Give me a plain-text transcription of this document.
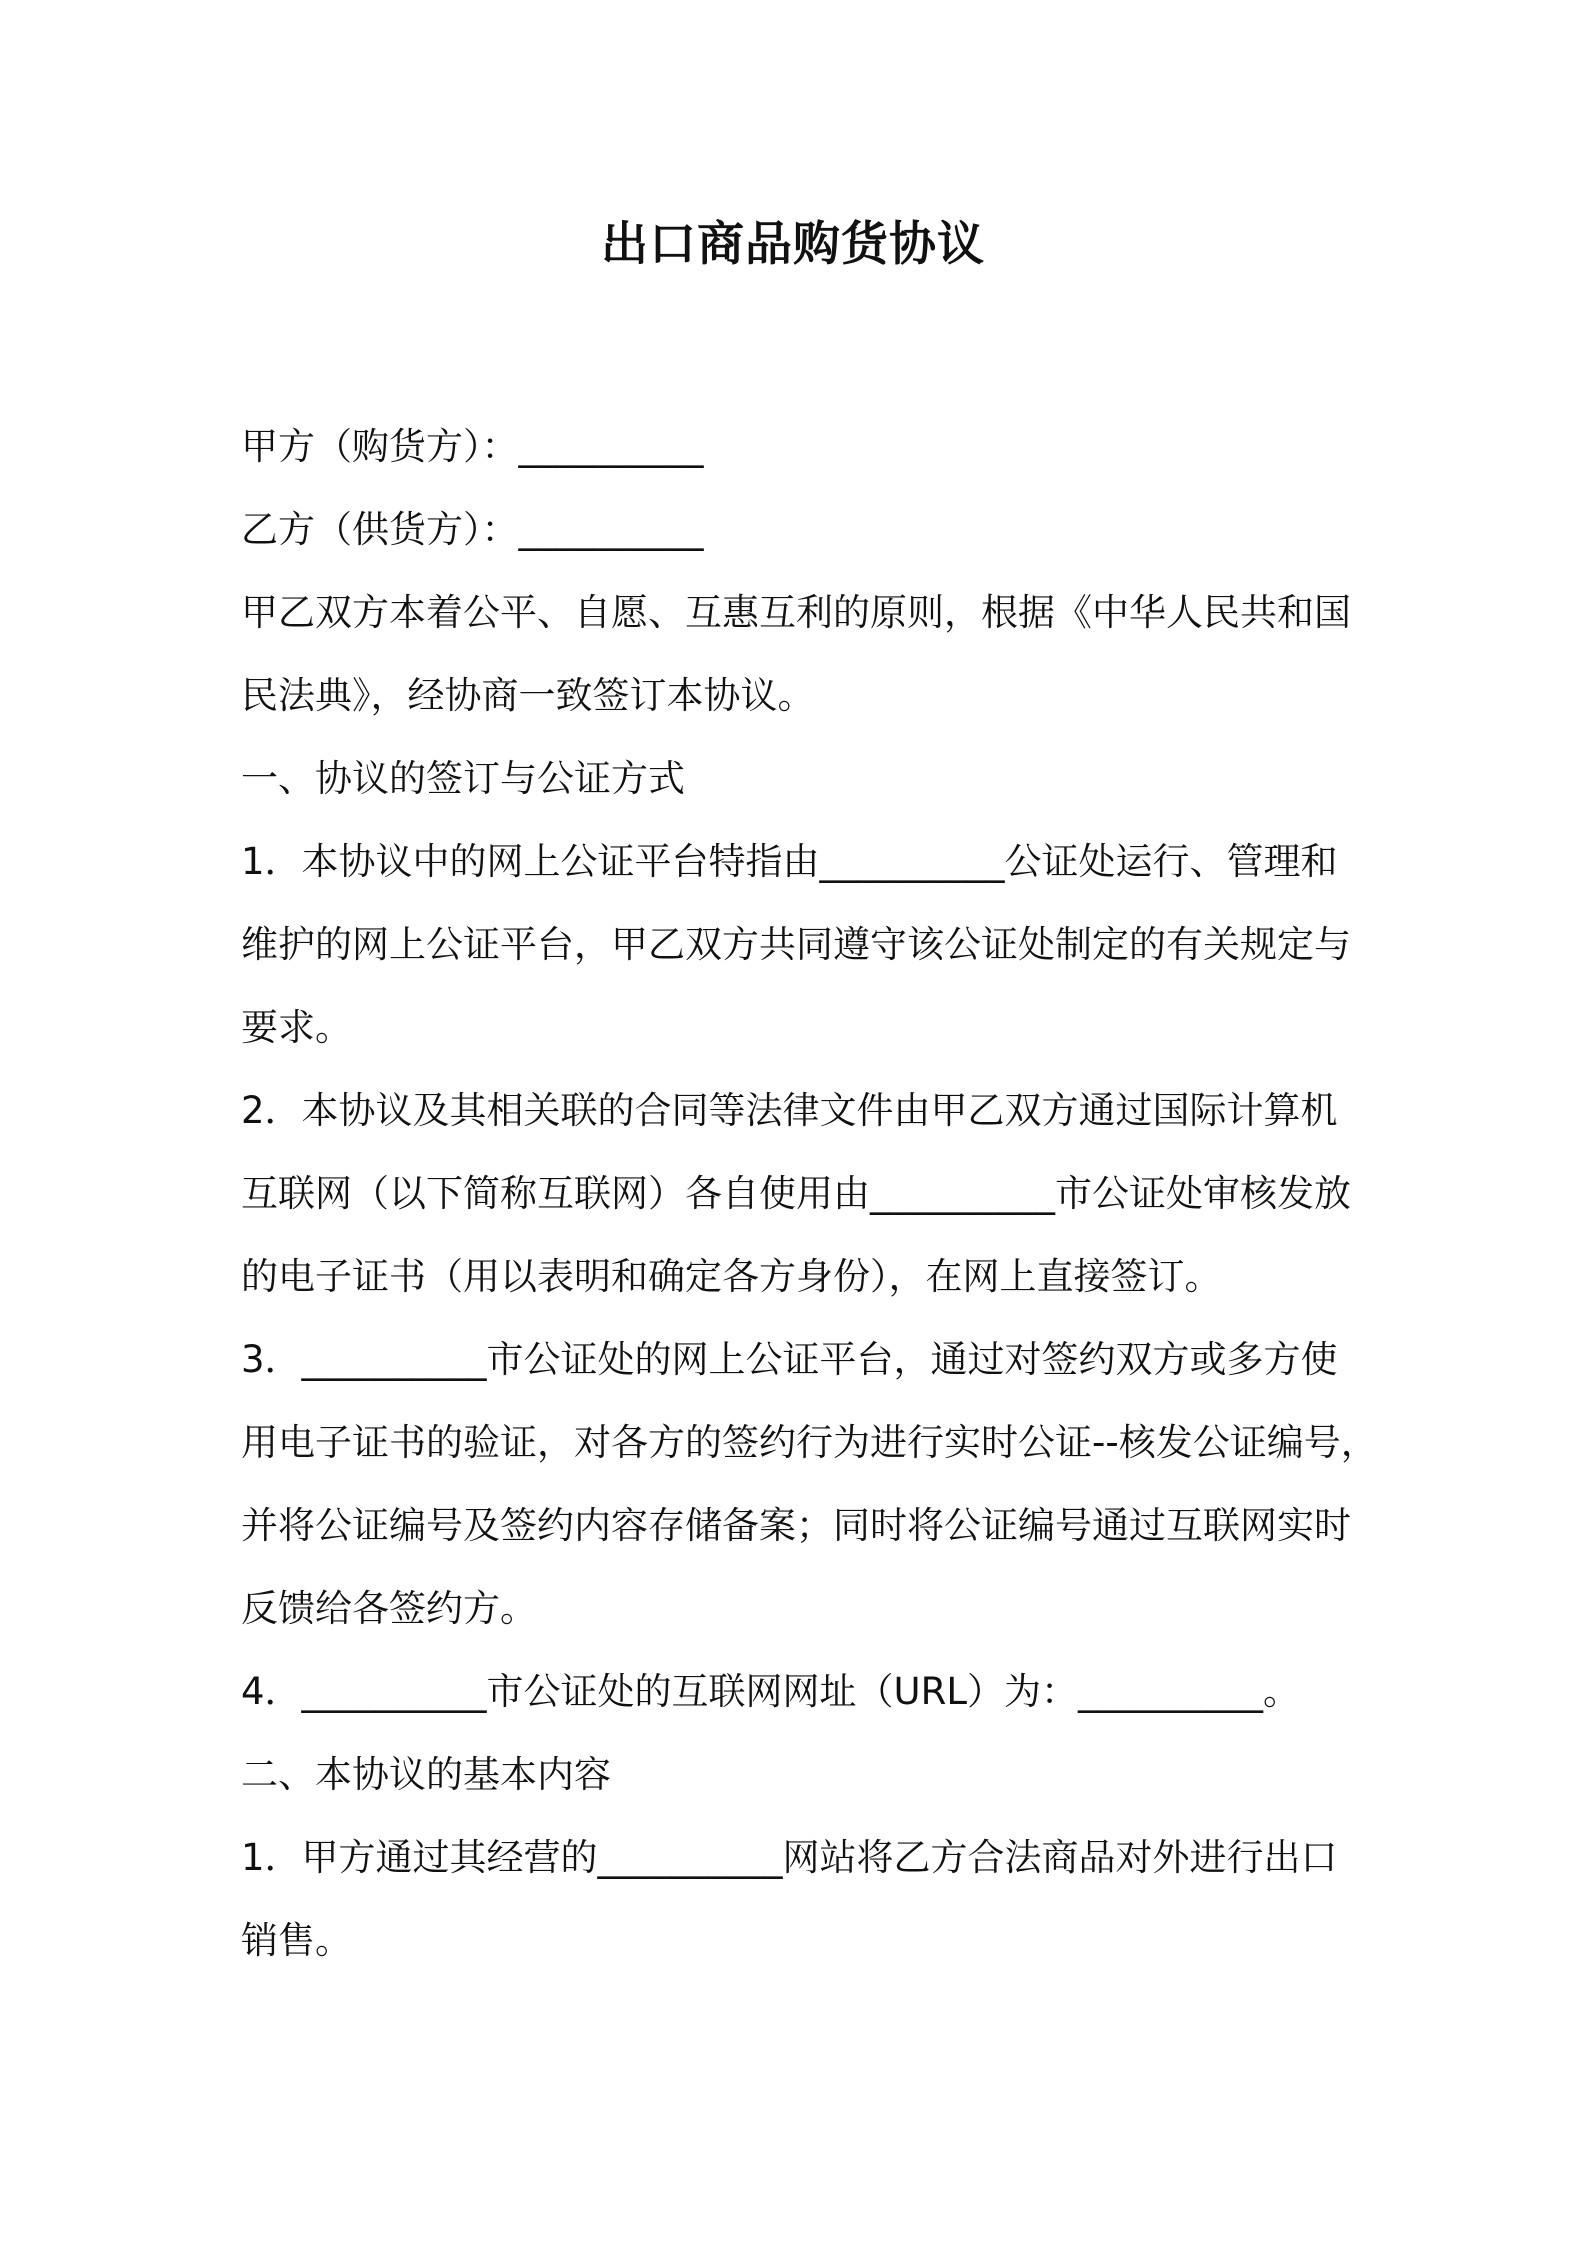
出口商品购货协议
甲方（购货方）：__________
乙方（供货方）：__________
甲乙双方本着公平、自愿、互惠互利的原则，根据《中华人民共和国
民法典》，经协商一致签订本协议。
一、协议的签订与公证方式
1．本协议中的网上公证平台特指由__________公证处运行、管理和
维护的网上公证平台，甲乙双方共同遵守该公证处制定的有关规定与
要求。
2．本协议及其相关联的合同等法律文件由甲乙双方通过国际计算机
互联网（以下简称互联网）各自使用由__________市公证处审核发放
的电子证书（用以表明和确定各方身份），在网上直接签订。
3．__________市公证处的网上公证平台，通过对签约双方或多方使
用电子证书的验证，对各方的签约行为进行实时公证--核发公证编号，
并将公证编号及签约内容存储备案；同时将公证编号通过互联网实时
反馈给各签约方。
4．__________市公证处的互联网网址（URL）为：__________。
二、本协议的基本内容
1．甲方通过其经营的__________网站将乙方合法商品对外进行出口
销售。
